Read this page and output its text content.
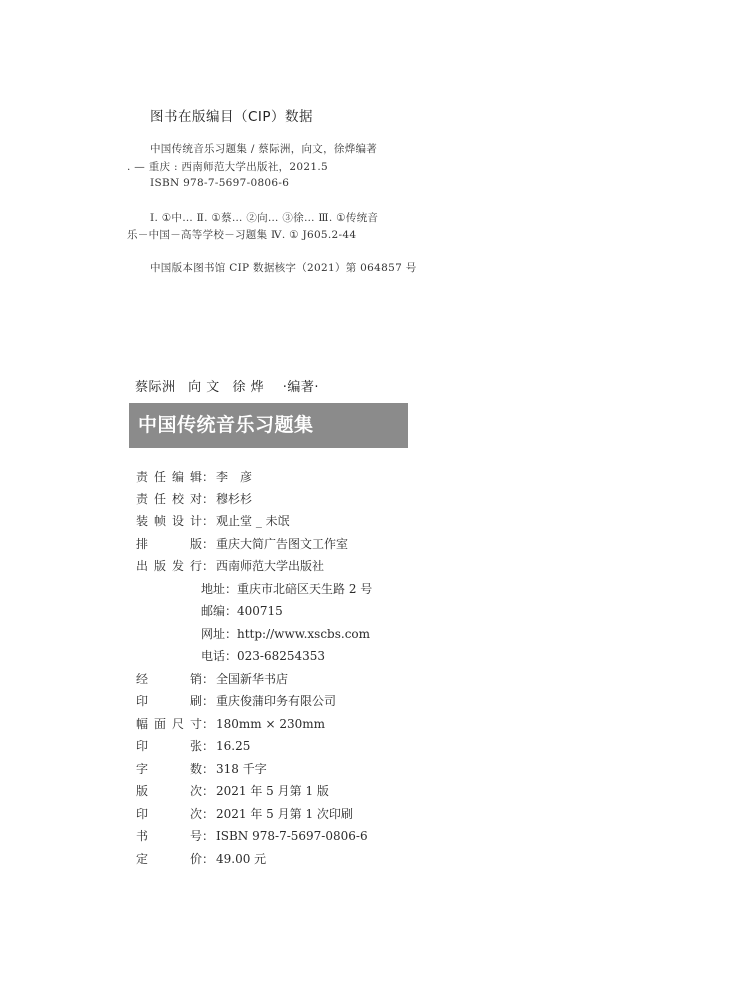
图书在版编目（CIP）数据
中国传统音乐习题集 / 蔡际洲，向文，徐烨编著
. — 重庆 : 西南师范大学出版社，2021.5
ISBN 978-7-5697-0806-6
Ⅰ. ①中… Ⅱ. ①蔡… ②向… ③徐… Ⅲ. ①传统音
乐－中国－高等学校－习题集 Ⅳ. ① J605.2-44
中国版本图书馆 CIP 数据核字（2021）第 064857 号
蔡际洲 向 文 徐 烨 ·编著·
中国传统音乐习题集
责任编辑： 李　彦
责任校对： 穆杉杉
装帧设计： 观止堂 _ 未氓
排版： 重庆大简广告图文工作室
出版发行： 西南师范大学出版社
地址：重庆市北碚区天生路 2 号
邮编：400715
网址：http://www.xscbs.com
电话：023-68254353
经销： 全国新华书店
印刷： 重庆俊蒲印务有限公司
幅面尺寸： 180mm × 230mm
印张： 16.25
字数： 318 千字
版次： 2021 年 5 月第 1 版
印次： 2021 年 5 月第 1 次印刷
书号： ISBN 978-7-5697-0806-6
定价： 49.00 元
